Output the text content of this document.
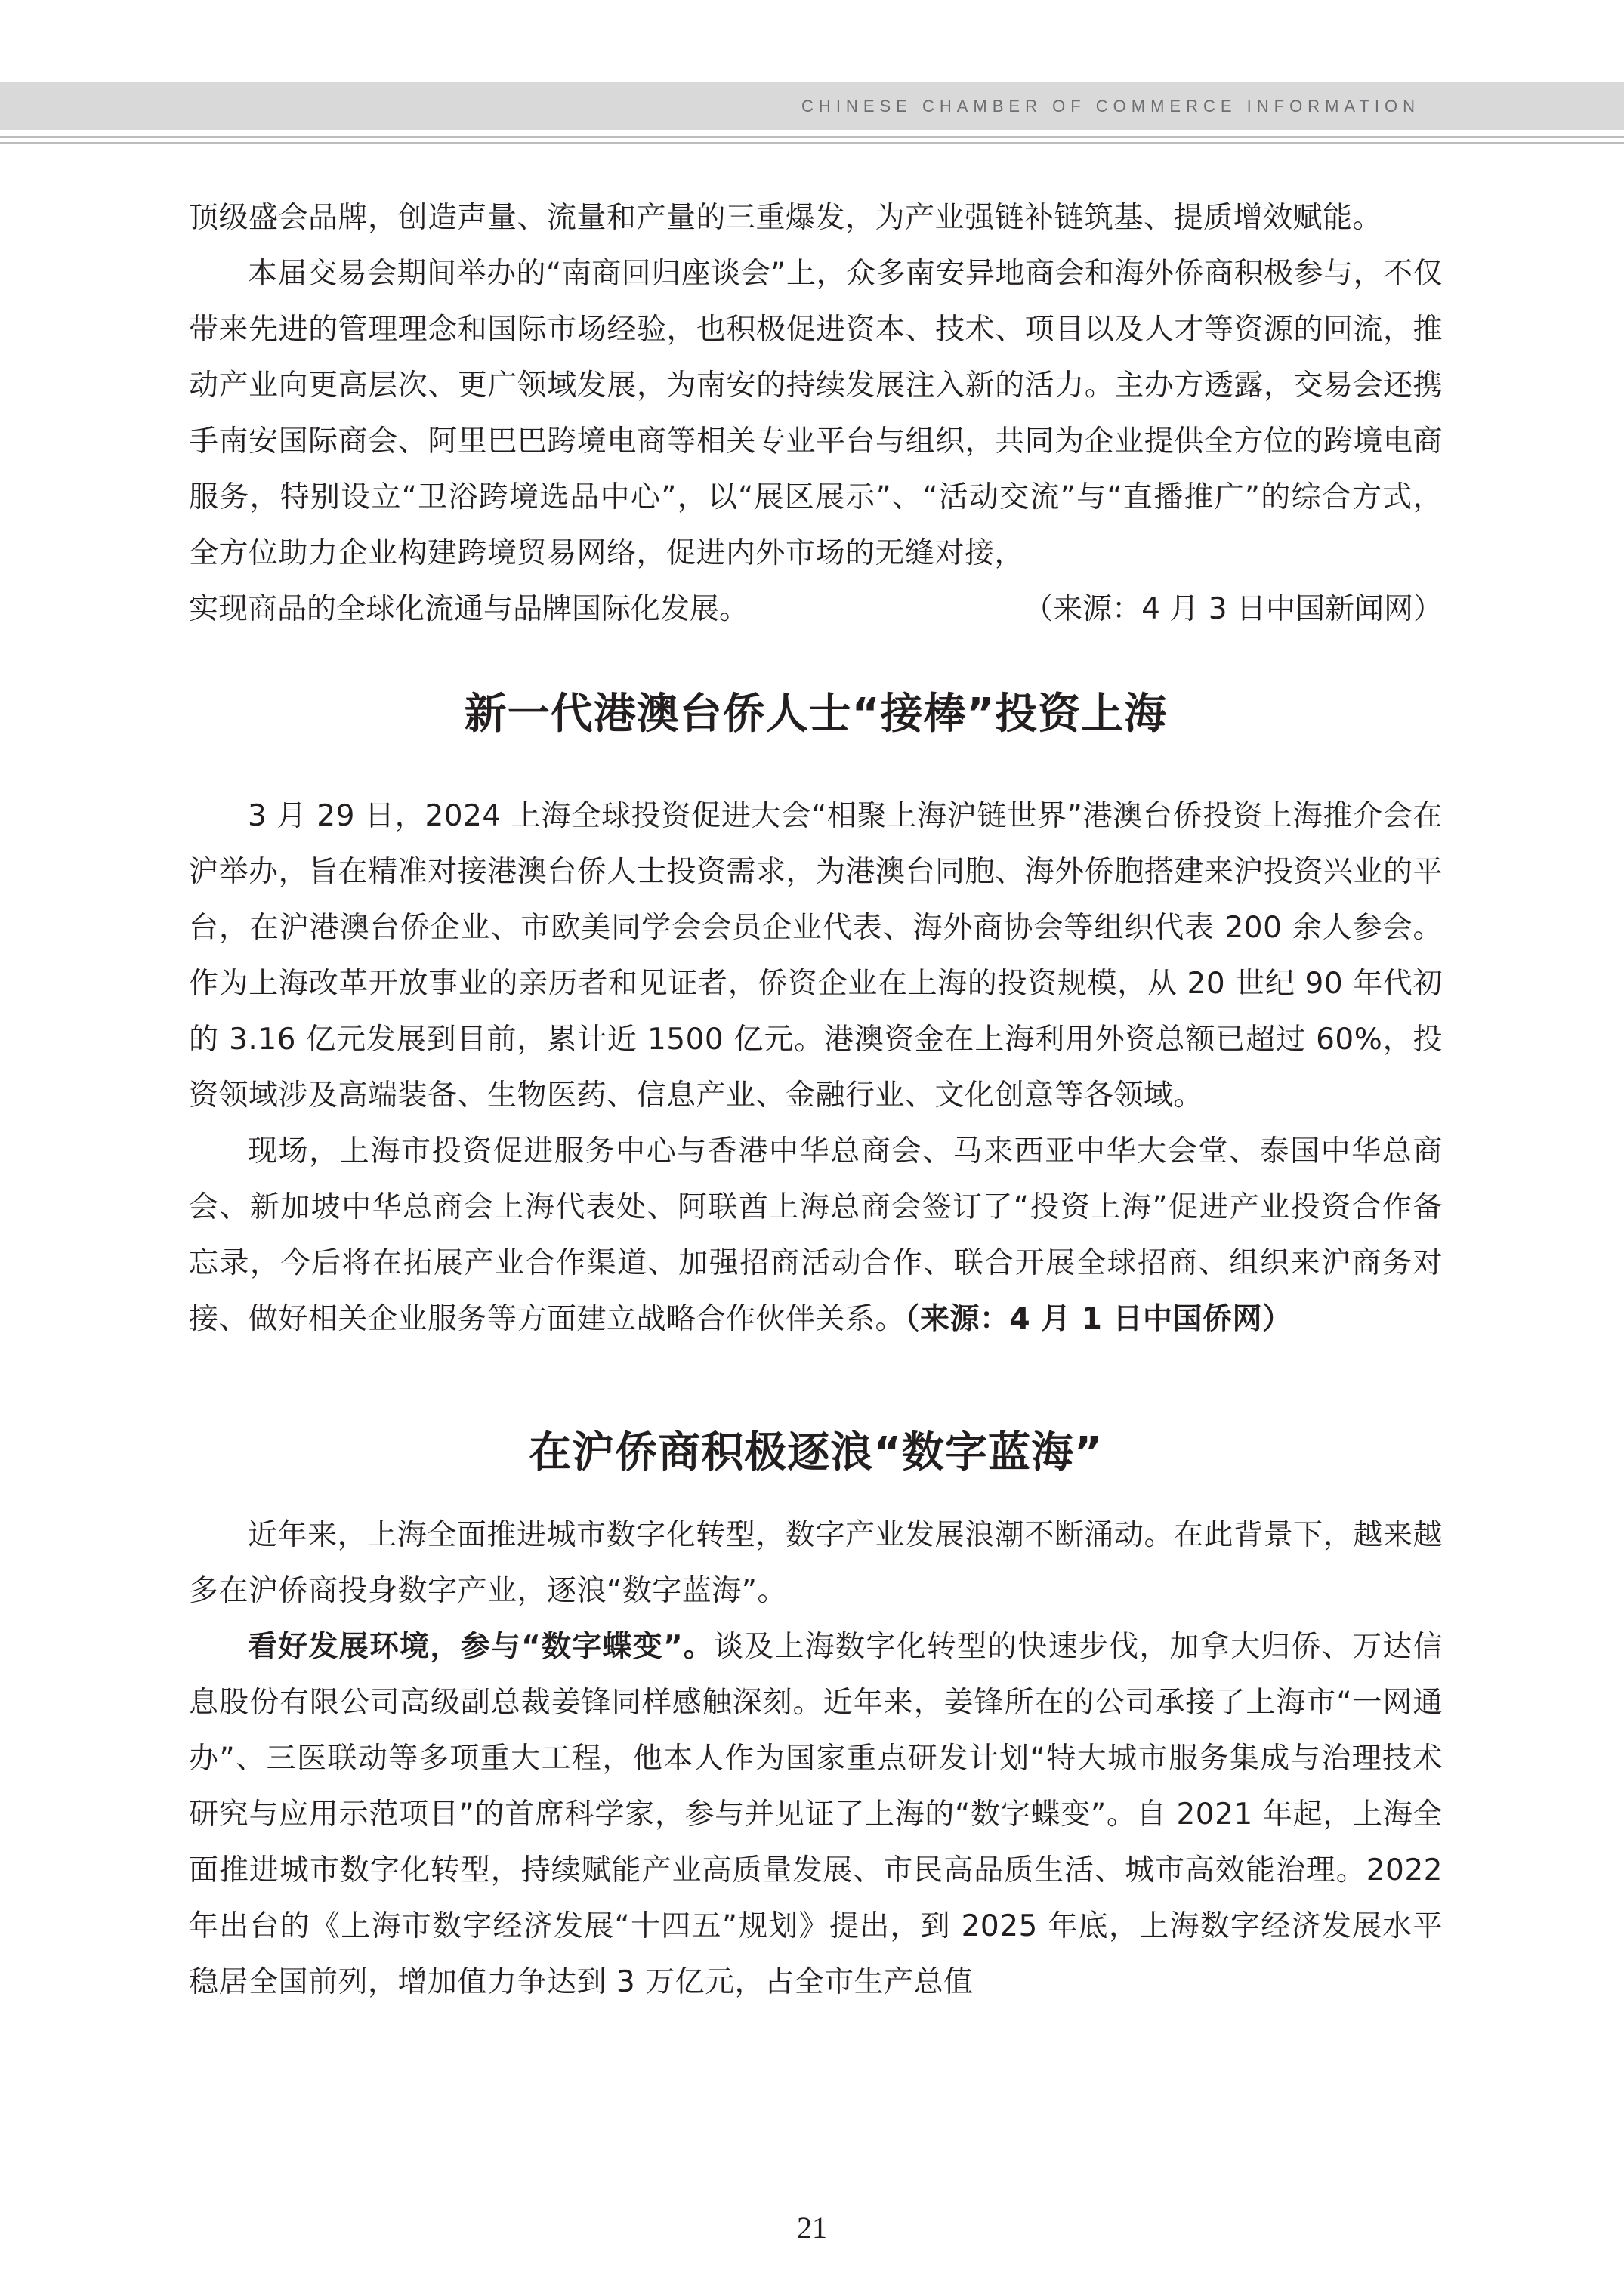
CHINESE CHAMBER OF COMMERCE INFORMATION

顶级盛会品牌，创造声量、流量和产量的三重爆发，为产业强链补链筑基、提质增效赋能。

本届交易会期间举办的“南商回归座谈会”上，众多南安异地商会和海外侨商积极参与，不仅带来先进的管理理念和国际市场经验，也积极促进资本、技术、项目以及人才等资源的回流，推动产业向更高层次、更广领域发展，为南安的持续发展注入新的活力。主办方透露，交易会还携手南安国际商会、阿里巴巴跨境电商等相关专业平台与组织，共同为企业提供全方位的跨境电商服务，特别设立“卫浴跨境选品中心”，以“展区展示”、“活动交流”与“直播推广”的综合方式，全方位助力企业构建跨境贸易网络，促进内外市场的无缝对接，

实现商品的全球化流通与品牌国际化发展。	（来源：4 月 3 日中国新闻网）
新一代港澳台侨人士“接棒”投资上海

3 月 29 日，2024 上海全球投资促进大会“相聚上海沪链世界”港澳台侨投资上海推介会在沪举办，旨在精准对接港澳台侨人士投资需求，为港澳台同胞、海外侨胞搭建来沪投资兴业的平台，在沪港澳台侨企业、市欧美同学会会员企业代表、海外商协会等组织代表 200 余人参会。作为上海改革开放事业的亲历者和见证者，侨资企业在上海的投资规模，从 20 世纪 90 年代初的 3.16 亿元发展到目前，累计近 1500 亿元。港澳资金在上海利用外资总额已超过 60%，投资领域涉及高端装备、生物医药、信息产业、金融行业、文化创意等各领域。

现场，上海市投资促进服务中心与香港中华总商会、马来西亚中华大会堂、泰国中华总商会、新加坡中华总商会上海代表处、阿联酋上海总商会签订了“投资上海”促进产业投资合作备忘录，今后将在拓展产业合作渠道、加强招商活动合作、联合开展全球招商、组织来沪商务对接、做好相关企业服务等方面建立战略合作伙伴关系。（来源：4 月 1 日中国侨网）

在沪侨商积极逐浪“数字蓝海”

近年来，上海全面推进城市数字化转型，数字产业发展浪潮不断涌动。在此背景下，越来越多在沪侨商投身数字产业，逐浪“数字蓝海”。

看好发展环境，参与“数字蝶变”。谈及上海数字化转型的快速步伐，加拿大归侨、万达信息股份有限公司高级副总裁姜锋同样感触深刻。近年来，姜锋所在的公司承接了上海市“一网通办”、三医联动等多项重大工程，他本人作为国家重点研发计划“特大城市服务集成与治理技术研究与应用示范项目”的首席科学家，参与并见证了上海的“数字蝶变”。自 2021 年起，上海全面推进城市数字化转型，持续赋能产业高质量发展、市民高品质生活、城市高效能治理。2022 年出台的《上海市数字经济发展“十四五”规划》提出，到 2025 年底，上海数字经济发展水平稳居全国前列，增加值力争达到 3 万亿元，占全市生产总值

21
